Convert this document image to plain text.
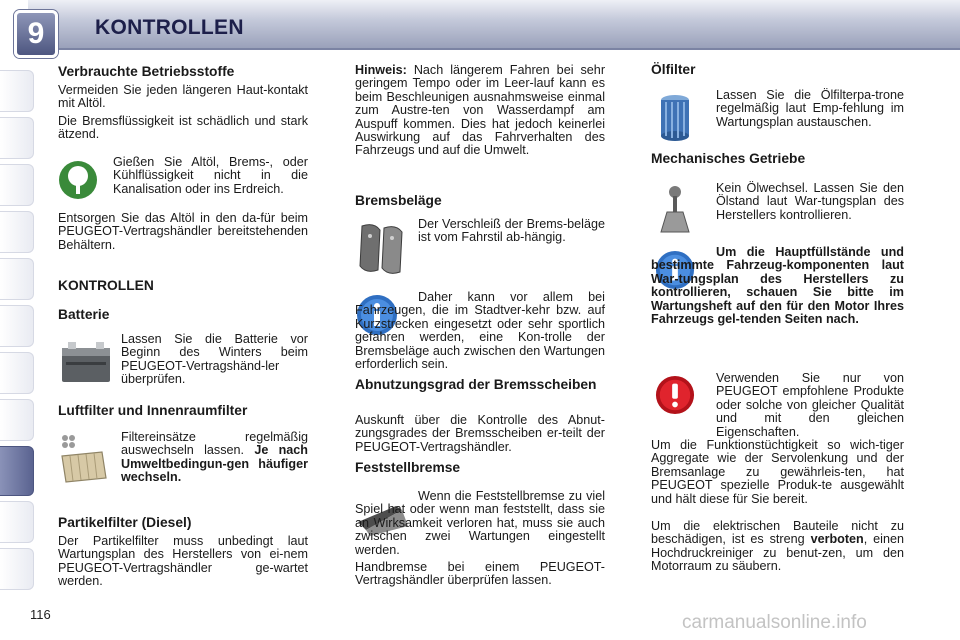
9	KONTROLLEN
Verbrauchte Betriebsstoffe

Vermeiden Sie jeden längeren Haut-kontakt mit Altöl.

Die Bremsflüssigkeit ist schädlich und stark ätzend.

Gießen Sie Altöl, Brems-, oder Kühlflüssigkeit nicht in die Kanalisation oder ins Erdreich.

Entsorgen Sie das Altöl in den da-für beim PEUGEOT-Vertragshändler bereitstehenden Behältern.

KONTROLLEN
Batterie

Lassen Sie die Batterie vor Beginn des Winters beim PEUGEOT-Vertragshänd-ler überprüfen.

Luftfilter und Innenraumfilter

Filtereinsätze regelmäßig auswechseln lassen. Je nach Umweltbedingun-gen häufiger wechseln.

Partikelfilter (Diesel)

Der Partikelfilter muss unbedingt laut Wartungsplan des Herstellers von ei-nem PEUGEOT-Vertragshändler ge-wartet werden.

Hinweis: Nach längerem Fahren bei sehr geringem Tempo oder im Leer-lauf kann es beim Beschleunigen ausnahmsweise einmal zum Austre-ten von Wasserdampf am Auspuff kommen. Dies hat jedoch keinerlei Auswirkung auf das Fahrverhalten des Fahrzeugs und auf die Umwelt.

Bremsbeläge

Der Verschleiß der Brems-beläge ist vom Fahrstil ab-hängig.

Daher kann vor allem bei Fahrzeugen, die im Stadtver-kehr bzw. auf Kurzstrecken eingesetzt oder sehr sportlich gefahren werden, eine Kon-trolle der Bremsbeläge auch zwischen den Wartungen erforderlich sein.

Abnutzungsgrad der Bremsscheiben

Auskunft über die Kontrolle des Abnut-zungsgrades der Bremsscheiben er-teilt der PEUGEOT-Vertragshändler.

Feststellbremse

Wenn die Feststellbremse zu viel Spiel hat oder wenn man feststellt, dass sie an Wirksamkeit verloren hat, muss sie auch zwischen zwei Wartungen eingestellt werden.

Handbremse bei einem PEUGEOT-Vertragshändler überprüfen lassen.

Ölfilter

Lassen Sie die Ölfilterpa-trone regelmäßig laut Emp-fehlung im Wartungsplan austauschen.

Mechanisches Getriebe

Kein Ölwechsel. Lassen Sie den Ölstand laut War-tungsplan des Herstellers kontrollieren.

Um die Hauptfüllstände und bestimmte Fahrzeug-komponenten laut War-tungsplan des Herstellers zu kontrollieren, schauen Sie bitte im Wartungsheft auf den für den Motor Ihres Fahrzeugs gel-tenden Seiten nach.

Verwenden Sie nur von PEUGEOT empfohlene Produkte oder solche von gleicher Qualität und mit den gleichen Eigenschaften.

Um die Funktionstüchtigkeit so wich-tiger Aggregate wie der Servolenkung und der Bremsanlage zu gewährleis-ten, hat PEUGEOT spezielle Produk-te ausgewählt und hält diese für Sie bereit.

Um die elektrischen Bauteile nicht zu beschädigen, ist es streng verboten, einen Hochdruckreiniger zu benut-zen, um den Motorraum zu säubern.

116	carmanualsonline.info
